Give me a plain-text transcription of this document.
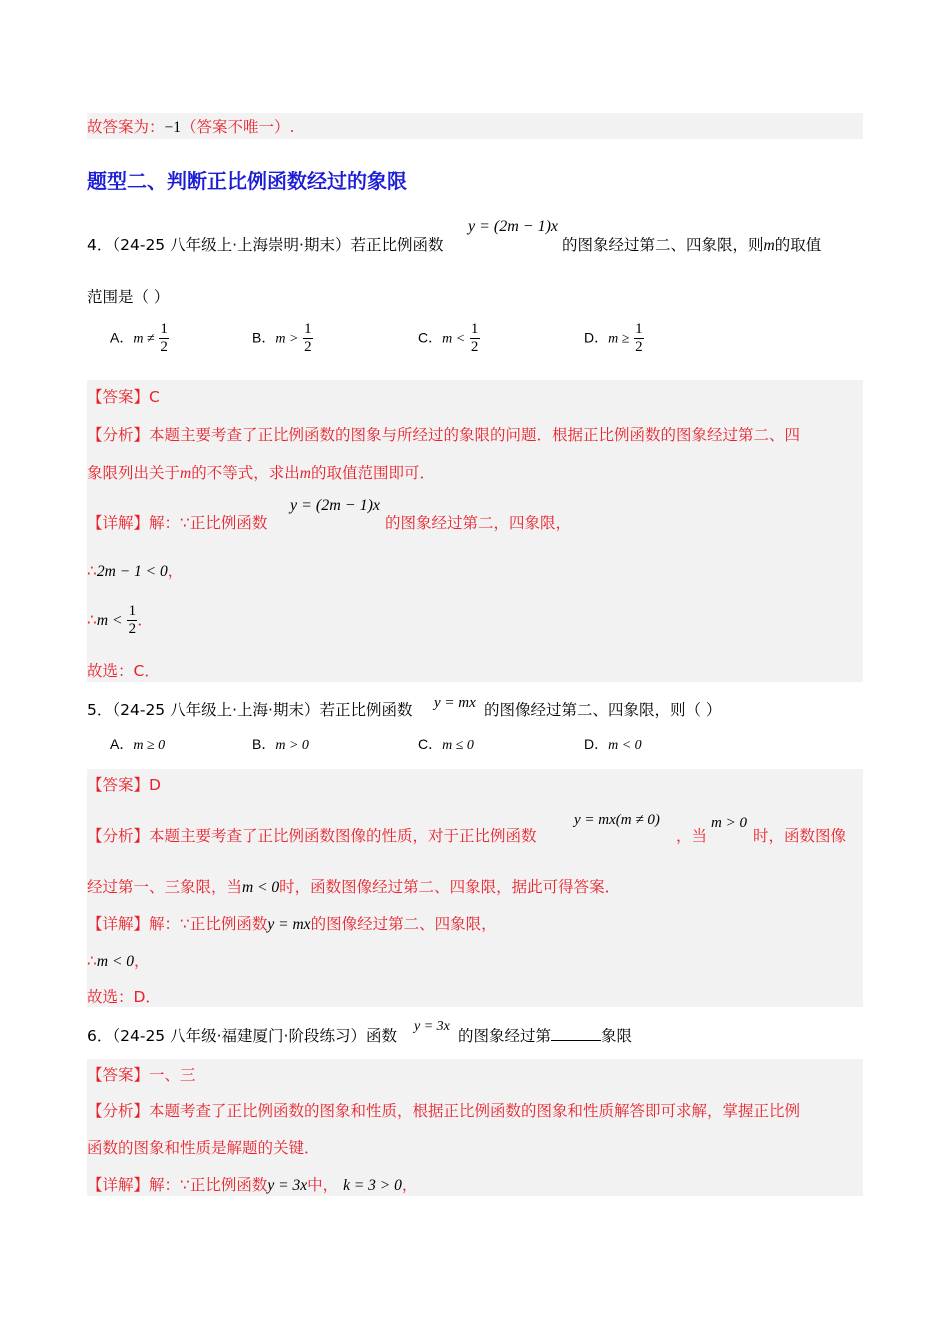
故答案为：−1（答案不唯一）.
题型二、判断正比例函数经过的象限
4．（24-25 八年级上·上海崇明·期末）若正比例函数
y = (2m − 1)x
的图象经过第二、四象限，则m的取值
范围是（ ）
A．$m \ne \frac{1}{2}$	B．$m > \frac{1}{2}$	C．$m < \frac{1}{2}$	D．$m \ge \frac{1}{2}$
【答案】C
【分析】本题主要考查了正比例函数的图象与所经过的象限的问题．根据正比例函数的图象经过第二、四
象限列出关于m的不等式，求出m的取值范围即可．
【详解】解：∵正比例函数
y = (2m − 1)x
的图象经过第二，四象限，
∴2m − 1 < 0，
∴m < $\frac{1}{2}$ ．
故选：C．
5．（24-25 八年级上·上海·期末）若正比例函数 y = mx 的图像经过第二、四象限，则（ ）
A．m ≥ 0	B．m > 0	C．m ≤ 0	D．m < 0
【答案】D
【分析】本题主要考查了正比例函数图像的性质，对于正比例函数
y = mx(m ≠ 0)
，当
m > 0
时，函数图像
经过第一、三象限，当m < 0时，函数图像经过第二、四象限，据此可得答案．
【详解】解：∵正比例函数y = mx的图像经过第二、四象限，
∴m < 0，
故选：D．
6．（24-25 八年级·福建厦门·阶段练习）函数
y = 3x
的图象经过第	象限
【答案】一、三
【分析】本题考查了正比例函数的图象和性质，根据正比例函数的图象和性质解答即可求解，掌握正比例
函数的图象和性质是解题的关键．
【详解】解：∵正比例函数y = 3x中， k = 3 > 0，
